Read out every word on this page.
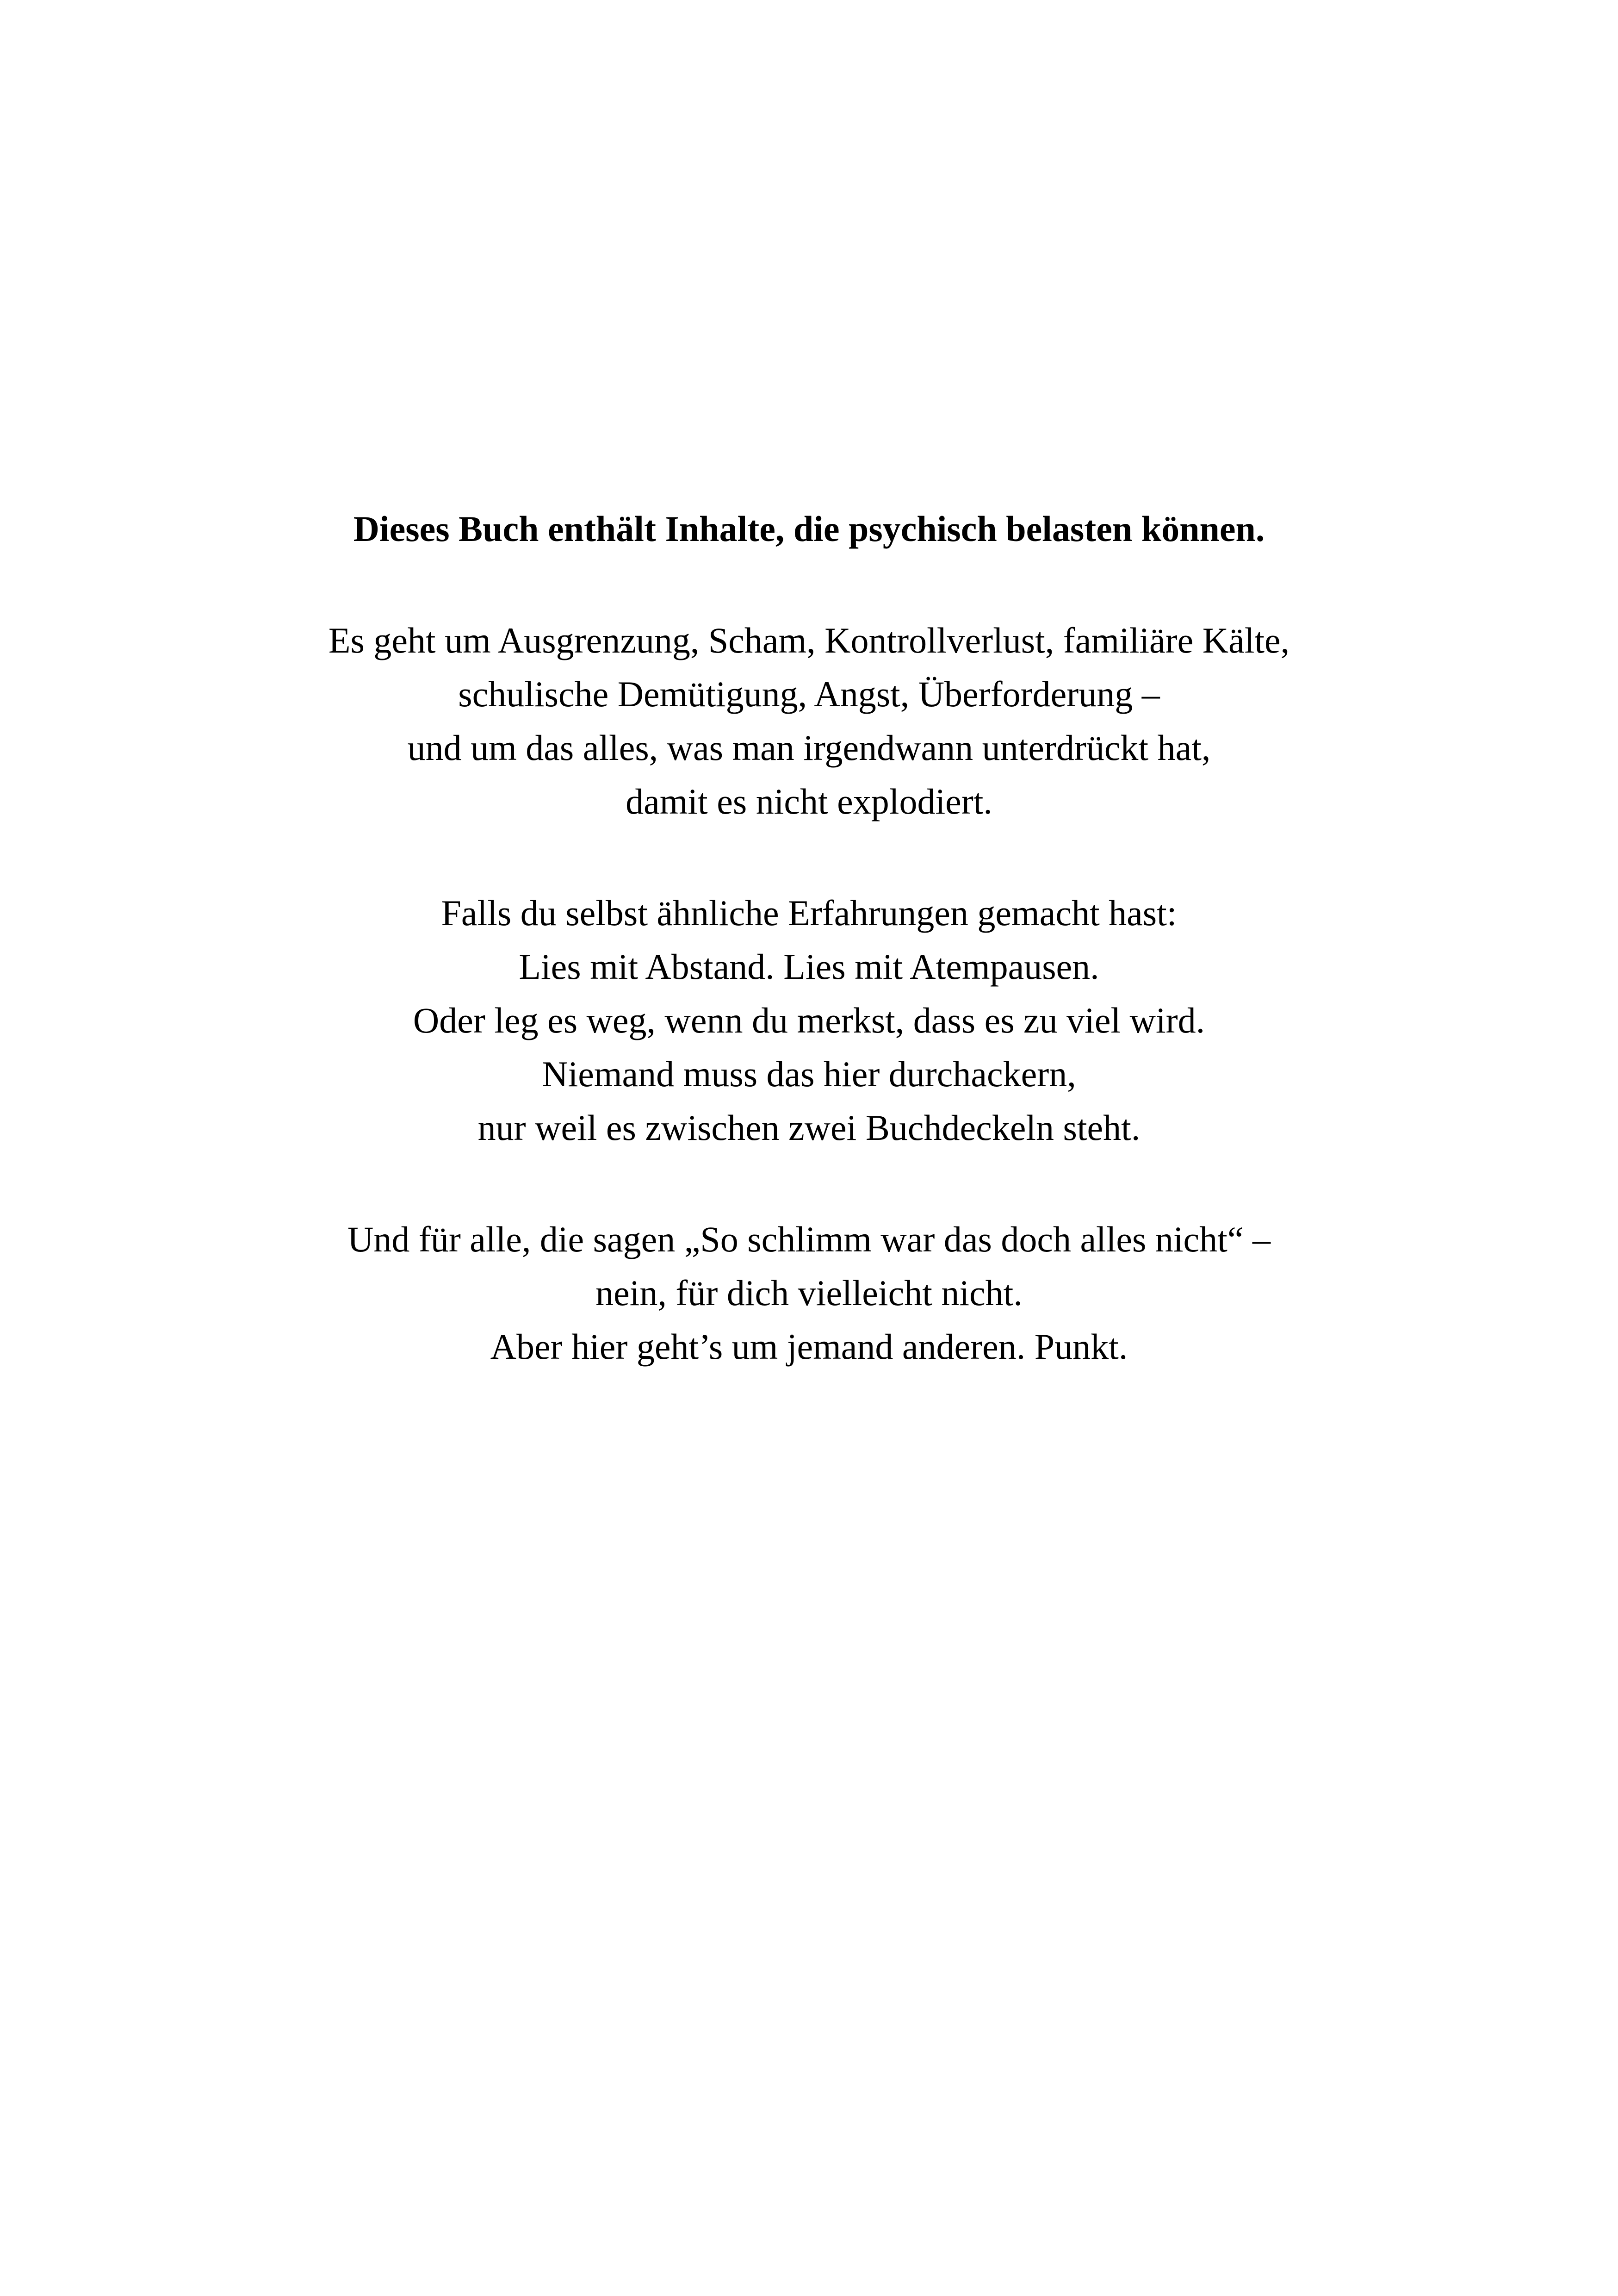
Dieses Buch enthält Inhalte, die psychisch belasten können.
Es geht um Ausgrenzung, Scham, Kontrollverlust, familiäre Kälte,
schulische Demütigung, Angst, Überforderung –
und um das alles, was man irgendwann unterdrückt hat,
damit es nicht explodiert.
Falls du selbst ähnliche Erfahrungen gemacht hast:
Lies mit Abstand. Lies mit Atempausen.
Oder leg es weg, wenn du merkst, dass es zu viel wird.
Niemand muss das hier durchackern,
nur weil es zwischen zwei Buchdeckeln steht.
Und für alle, die sagen „So schlimm war das doch alles nicht“ –
nein, für dich vielleicht nicht.
Aber hier geht’s um jemand anderen. Punkt.
